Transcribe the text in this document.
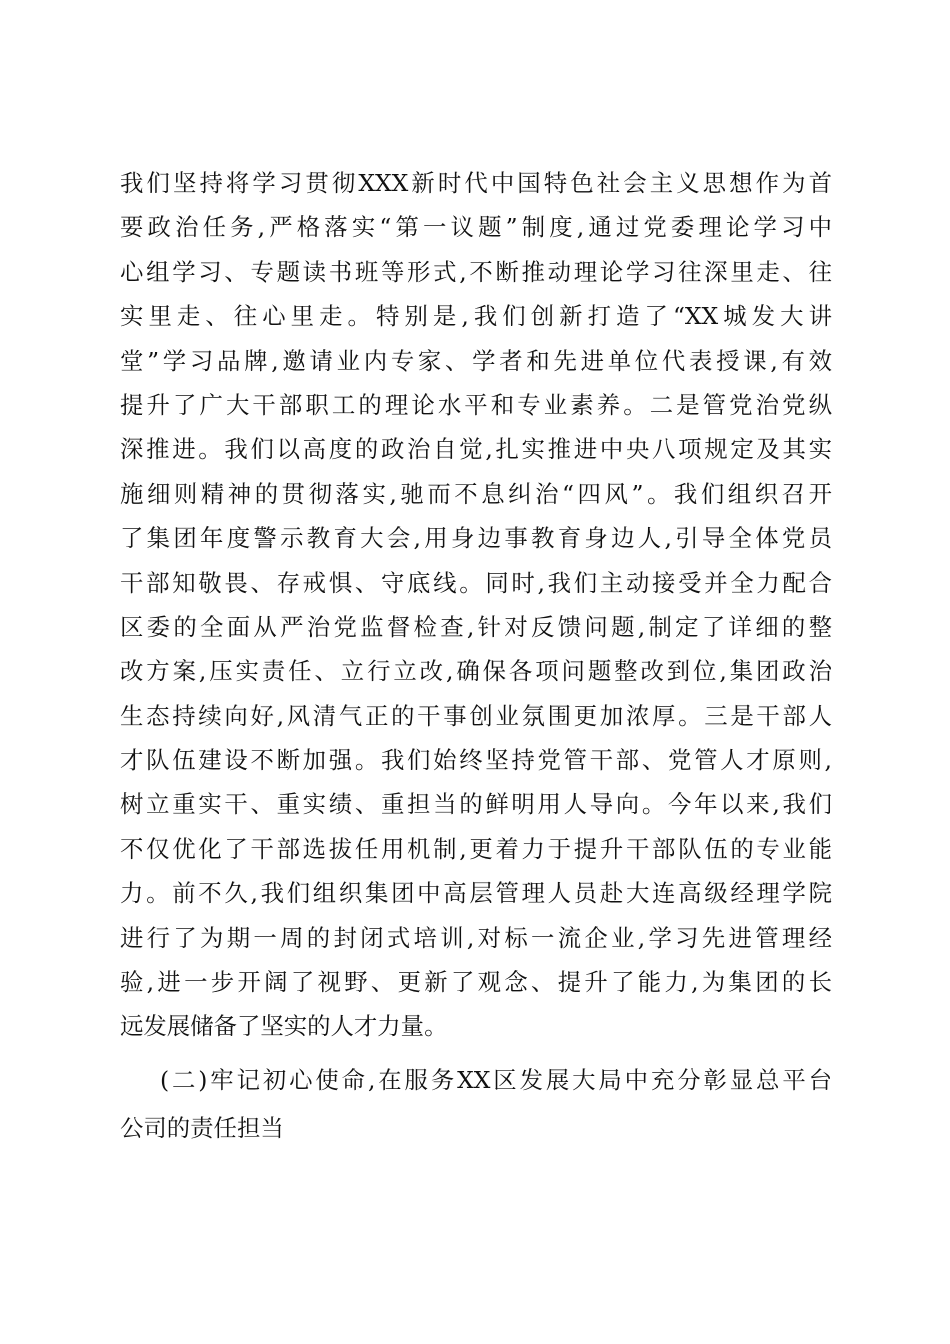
我们坚持将学习贯彻XXX新时代中国特色社会主义思想作为首
要政治任务,严格落实“第一议题”制度,通过党委理论学习中
心组学习、专题读书班等形式,不断推动理论学习往深里走、往
实里走、往心里走。特别是,我们创新打造了“XX城发大讲
堂”学习品牌,邀请业内专家、学者和先进单位代表授课,有效
提升了广大干部职工的理论水平和专业素养。二是管党治党纵
深推进。我们以高度的政治自觉,扎实推进中央八项规定及其实
施细则精神的贯彻落实,驰而不息纠治“四风”。我们组织召开
了集团年度警示教育大会,用身边事教育身边人,引导全体党员
干部知敬畏、存戒惧、守底线。同时,我们主动接受并全力配合
区委的全面从严治党监督检查,针对反馈问题,制定了详细的整
改方案,压实责任、立行立改,确保各项问题整改到位,集团政治
生态持续向好,风清气正的干事创业氛围更加浓厚。三是干部人
才队伍建设不断加强。我们始终坚持党管干部、党管人才原则,
树立重实干、重实绩、重担当的鲜明用人导向。今年以来,我们
不仅优化了干部选拔任用机制,更着力于提升干部队伍的专业能
力。前不久,我们组织集团中高层管理人员赴大连高级经理学院
进行了为期一周的封闭式培训,对标一流企业,学习先进管理经
验,进一步开阔了视野、更新了观念、提升了能力,为集团的长
远发展储备了坚实的人才力量。
(二)牢记初心使命,在服务XX区发展大局中充分彰显总平台
公司的责任担当
